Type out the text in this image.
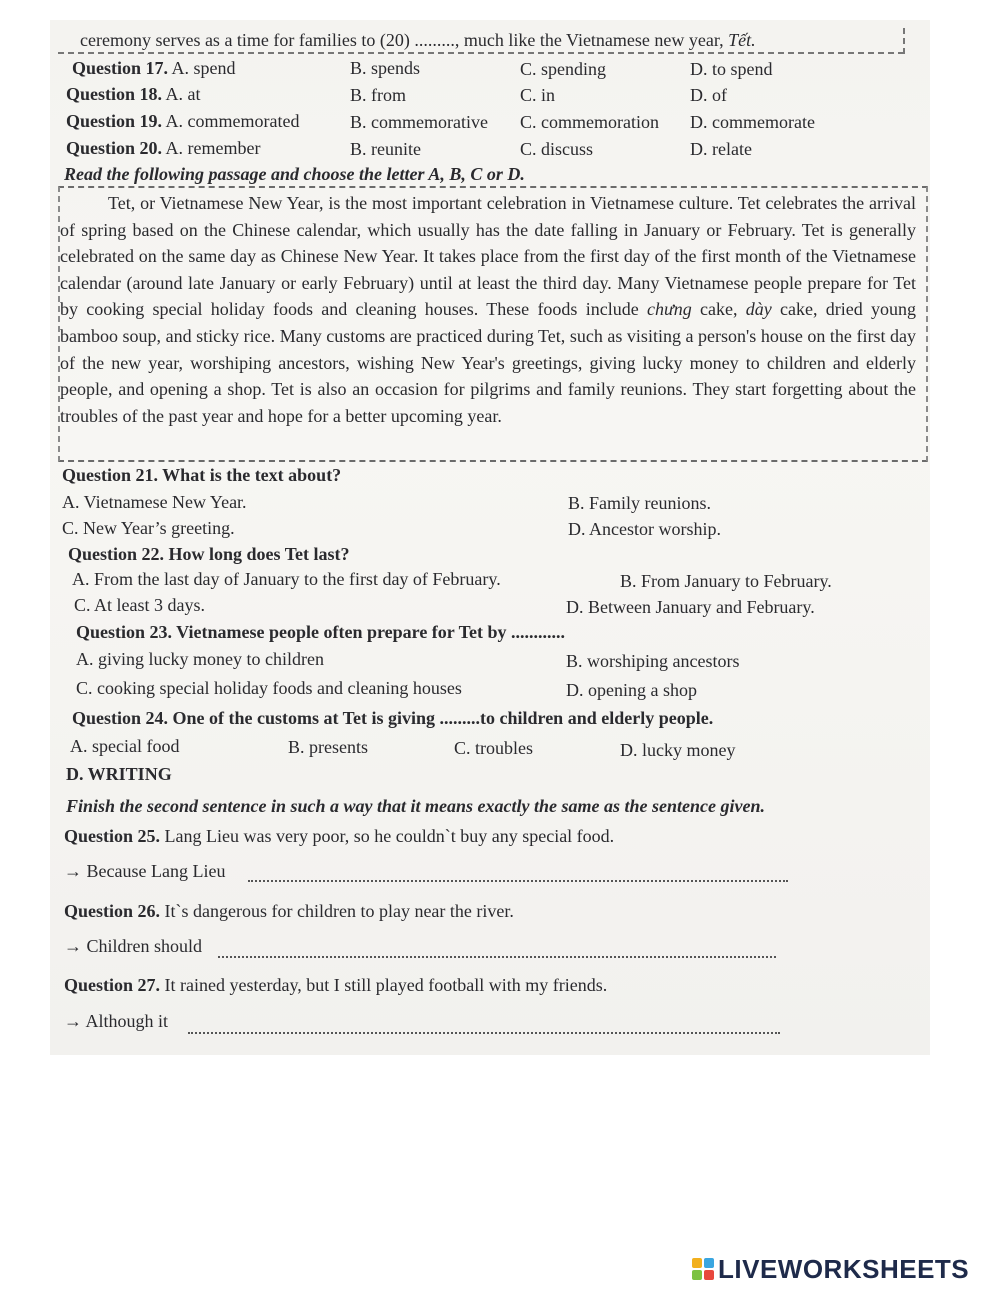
ceremony serves as a time for families to (20) ........., much like the Vietnamese new year, Tết.
Question 17. A. spend	B. spends	C. spending	D. to spend
Question 18. A. at	B. from	C. in	D. of
Question 19. A. commemorated	B. commemorative C. commemoration D. commemorate
Question 20. A. remember	B. reunite	C. discuss	D. relate
Read the following passage and choose the letter A, B, C or D.
Tet, or Vietnamese New Year, is the most important celebration in Vietnamese culture. Tet celebrates the arrival of spring based on the Chinese calendar, which usually has the date falling in January or February. Tet is generally celebrated on the same day as Chinese New Year. It takes place from the first day of the first month of the Vietnamese calendar (around late January or early February) until at least the third day. Many Vietnamese people prepare for Tet by cooking special holiday foods and cleaning houses. These foods include chưng cake, dày cake, dried young bamboo soup, and sticky rice. Many customs are practiced during Tet, such as visiting a person's house on the first day of the new year, worshiping ancestors, wishing New Year's greetings, giving lucky money to children and elderly people, and opening a shop. Tet is also an occasion for pilgrims and family reunions. They start forgetting about the troubles of the past year and hope for a better upcoming year.
Question 21. What is the text about?
A. Vietnamese New Year.	B. Family reunions.
C. New Year’s greeting.	D. Ancestor worship.
Question 22. How long does Tet last?
A. From the last day of January to the first day of February.	B. From January to February.
C. At least 3 days.	D. Between January and February.
Question 23. Vietnamese people often prepare for Tet by ............
A. giving lucky money to children	B. worshiping ancestors
C. cooking special holiday foods and cleaning houses	D. opening a shop
Question 24. One of the customs at Tet is giving .........to children and elderly people.
A. special food	B. presents	C. troubles	D. lucky money
D. WRITING
Finish the second sentence in such a way that it means exactly the same as the sentence given.
Question 25. Lang Lieu was very poor, so he couldn`t buy any special food.
→ Because Lang Lieu
Question 26. It`s dangerous for children to play near the river.
→ Children should
Question 27. It rained yesterday, but I still played football with my friends.
→ Although it
LIVEWORKSHEETS
